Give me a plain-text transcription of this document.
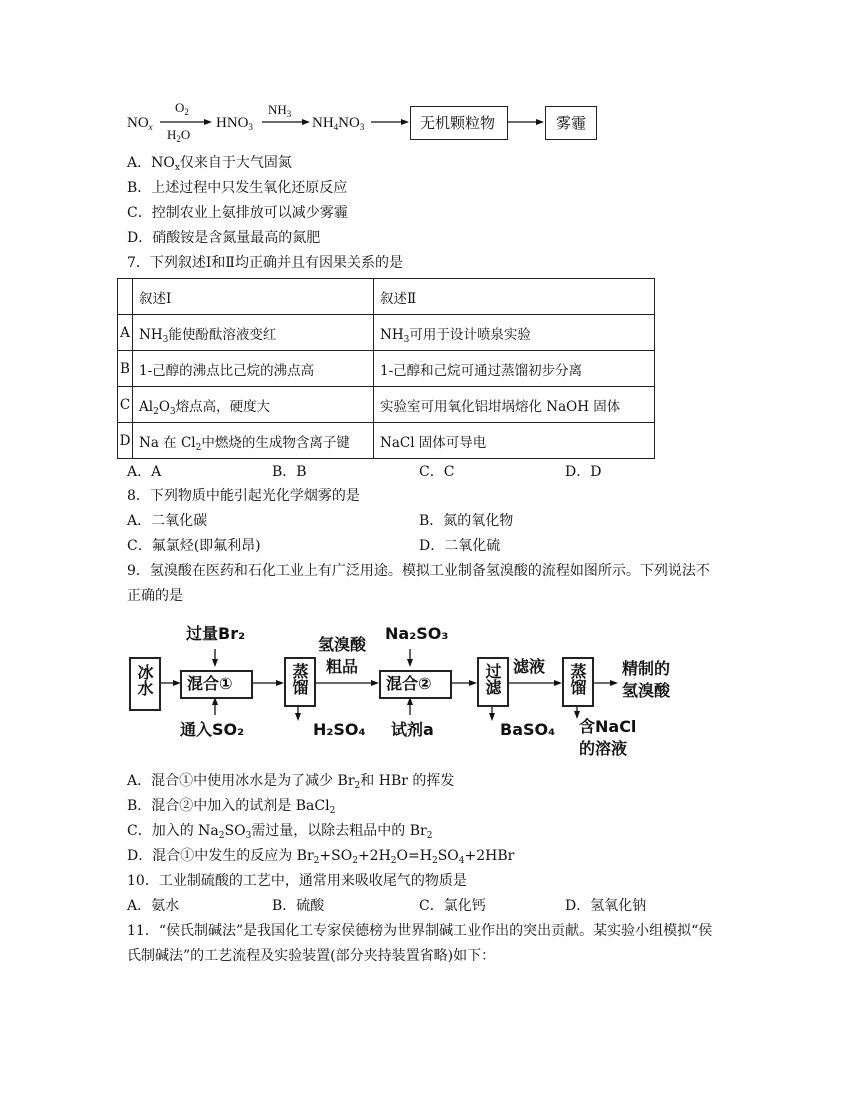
$NO_x$
$O_2$
$H_2O$
$HNO_3$
$NH_3$
$NH_4NO_3$	无机颗粒物	雾霾
A．$NO_x$仅来自于大气固氮
B．上述过程中只发生氧化还原反应
C．控制农业上氨排放可以减少雾霾
D．硝酸铵是含氮量最高的氮肥
7．下列叙述Ⅰ和Ⅱ均正确并且有因果关系的是
	叙述Ⅰ	叙述Ⅱ
A	$NH_3$能使酚酞溶液变红	$NH_3$可用于设计喷泉实验
B	1-己醇的沸点比己烷的沸点高	1-己醇和己烷可通过蒸馏初步分离
C	$Al_2O_3$熔点高，硬度大	实验室可用氧化铝坩埚熔化 NaOH 固体
D	Na 在 $Cl_2$中燃烧的生成物含离子键	NaCl 固体可导电
A．A	B．B	C．C	D．D
8．下列物质中能引起光化学烟雾的是
A．二氧化碳	B．氮的氧化物
C．氟氯烃(即氟利昂)	D．二氧化硫
9．氢溴酸在医药和石化工业上有广泛用途。模拟工业制备氢溴酸的流程如图所示。下列说法不
正确的是
冰水 混合①
过量Br₂
通入SO₂
蒸馏
H₂SO₄
氢溴酸
粗品
混合②
Na₂SO₃
试剂a
过滤 滤液
BaSO₄
蒸馏 精制的
氢溴酸
含NaCl
的溶液
A．混合①中使用冰水是为了减少 $Br_2$和 HBr 的挥发
B．混合②中加入的试剂是 BaCl$_2$
C．加入的 $Na_2SO_3$需过量，以除去粗品中的 $Br_2$
D．混合①中发生的反应为 $Br_2+SO_2+2H_2O=H_2SO_4+2HBr$
10．工业制硫酸的工艺中，通常用来吸收尾气的物质是
A．氨水	B．硫酸	C．氯化钙	D．氢氧化钠
11．“侯氏制碱法”是我国化工专家侯德榜为世界制碱工业作出的突出贡献。某实验小组模拟“侯
氏制碱法”的工艺流程及实验装置(部分夹持装置省略)如下：
